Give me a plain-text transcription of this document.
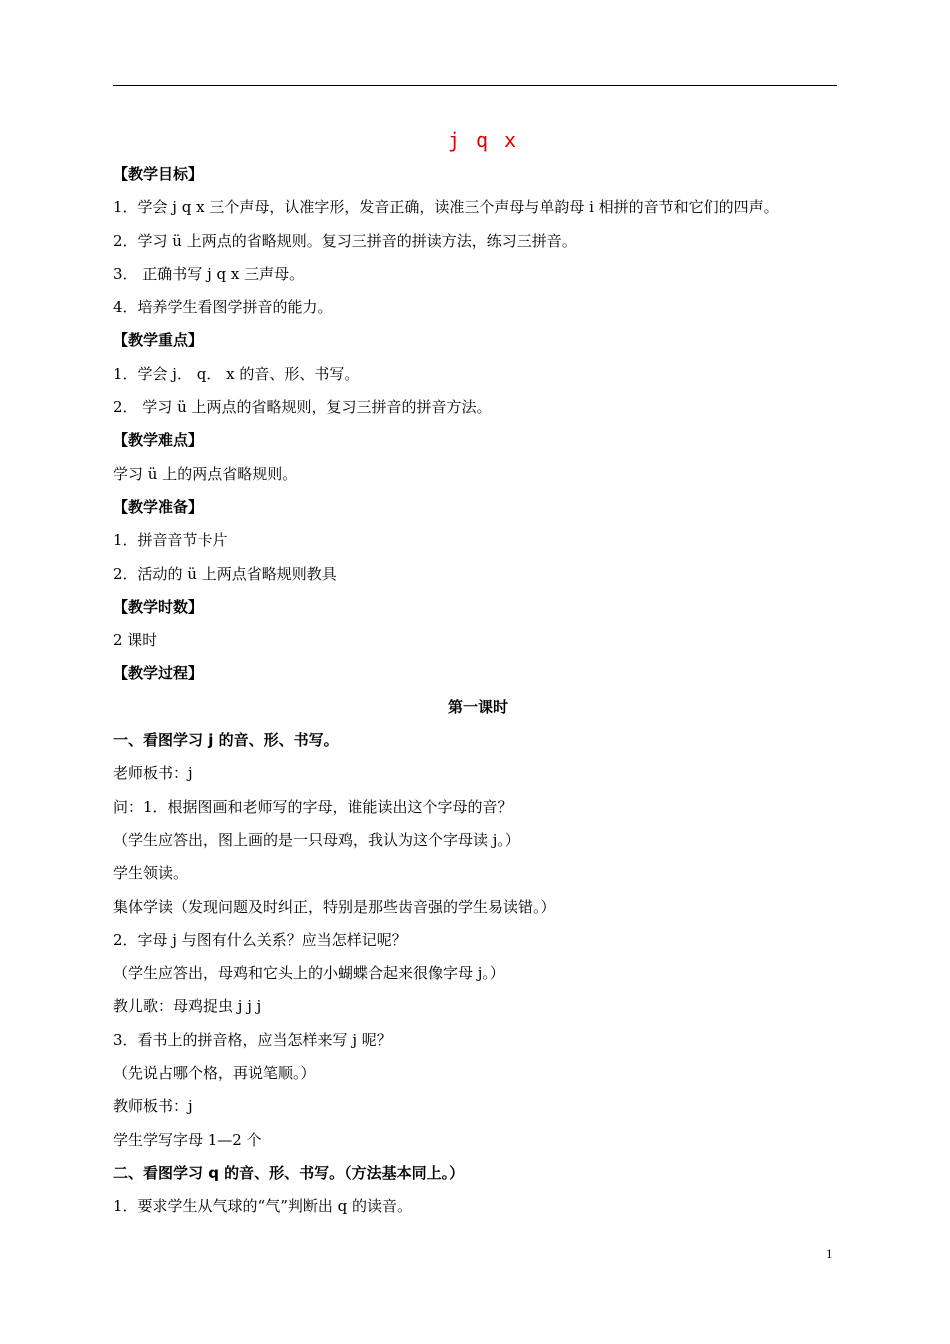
j q x
【教学目标】
1．学会 j q x 三个声母，认准字形，发音正确，读准三个声母与单韵母 i 相拼的音节和它们的四声。
2．学习 ü 上两点的省略规则。复习三拼音的拼读方法，练习三拼音。
3． 正确书写 j q x 三声母。
4．培养学生看图学拼音的能力。
【教学重点】
1．学会 j． q． x 的音、形、书写。
2． 学习 ü 上两点的省略规则，复习三拼音的拼音方法。
【教学难点】
学习 ü 上的两点省略规则。
【教学准备】
1．拼音音节卡片
2．活动的 ü 上两点省略规则教具
【教学时数】
2 课时
【教学过程】
第一课时
一、看图学习 j 的音、形、书写。
老师板书：j
问：1．根据图画和老师写的字母，谁能读出这个字母的音？
（学生应答出，图上画的是一只母鸡，我认为这个字母读 j。）
学生领读。
集体学读（发现问题及时纠正，特别是那些齿音强的学生易读错。）
2．字母 j 与图有什么关系？应当怎样记呢？
（学生应答出，母鸡和它头上的小蝴蝶合起来很像字母 j。）
教儿歌：母鸡捉虫 j j j
3．看书上的拼音格，应当怎样来写 j 呢？
（先说占哪个格，再说笔顺。）
教师板书：j
学生学写字母 1—2 个
二、看图学习 q 的音、形、书写。（方法基本同上。）
1．要求学生从气球的“气”判断出 q 的读音。
1
